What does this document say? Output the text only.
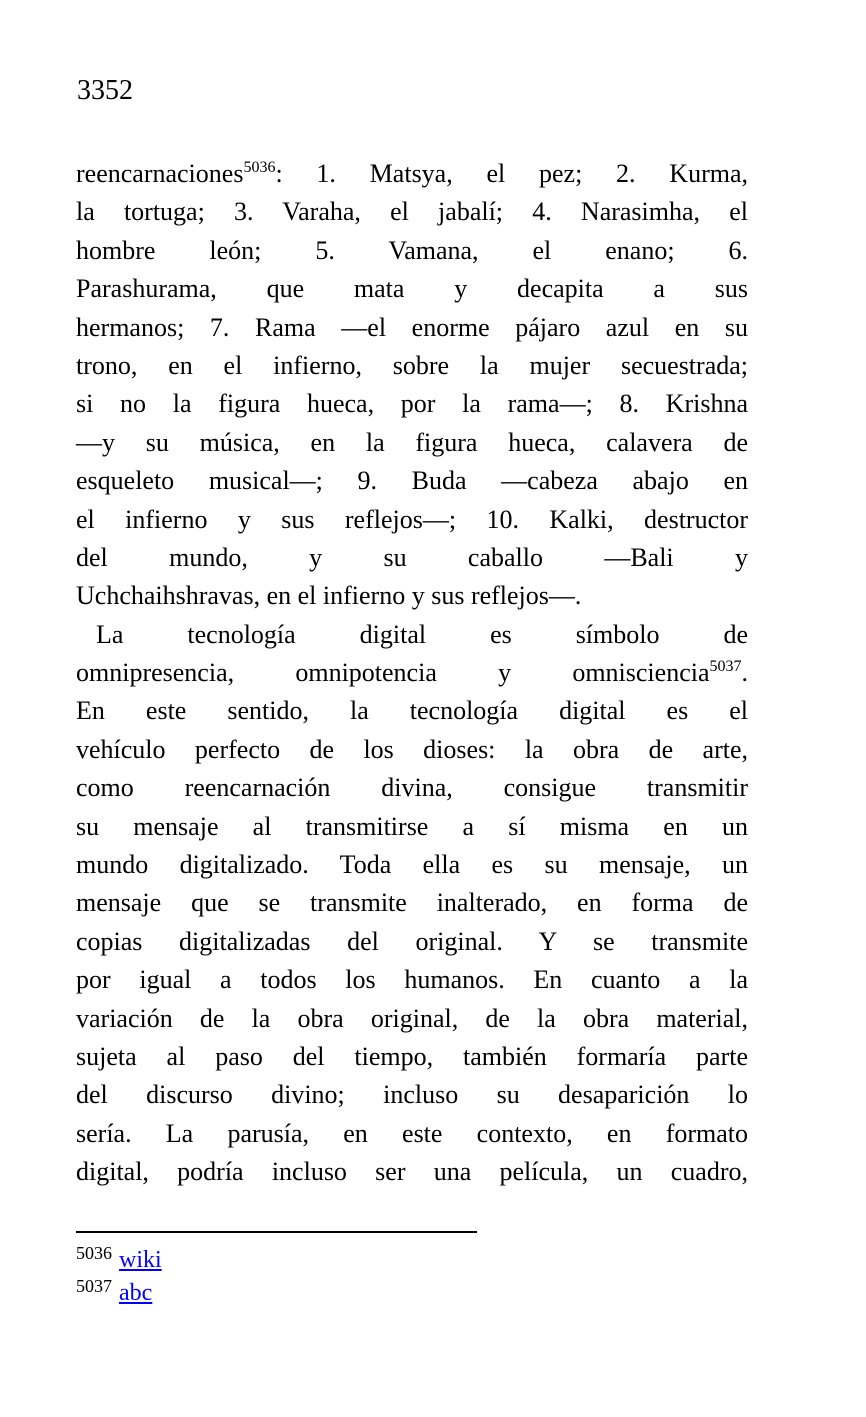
3352
reencarnaciones$^{5036}$: 1. Matsya, el pez; 2. Kurma,
la tortuga; 3. Varaha, el jabalí; 4. Narasimha, el
hombre león; 5. Vamana, el enano; 6.
Parashurama, que mata y decapita a sus
hermanos; 7. Rama —el enorme pájaro azul en su
trono, en el infierno, sobre la mujer secuestrada;
si no la figura hueca, por la rama—; 8. Krishna
—y su música, en la figura hueca, calavera de
esqueleto musical—; 9. Buda —cabeza abajo en
el infierno y sus reflejos—; 10. Kalki, destructor
del mundo, y su caballo —Bali y
Uchchaihshravas, en el infierno y sus reflejos—.
La tecnología digital es símbolo de
omnipresencia, omnipotencia y omnisciencia$^{5037}$.
En este sentido, la tecnología digital es el
vehículo perfecto de los dioses: la obra de arte,
como reencarnación divina, consigue transmitir
su mensaje al transmitirse a sí misma en un
mundo digitalizado. Toda ella es su mensaje, un
mensaje que se transmite inalterado, en forma de
copias digitalizadas del original. Y se transmite
por igual a todos los humanos. En cuanto a la
variación de la obra original, de la obra material,
sujeta al paso del tiempo, también formaría parte
del discurso divino; incluso su desaparición lo
sería. La parusía, en este contexto, en formato
digital, podría incluso ser una película, un cuadro,
$^{5036}$ wiki
$^{5037}$ abc
